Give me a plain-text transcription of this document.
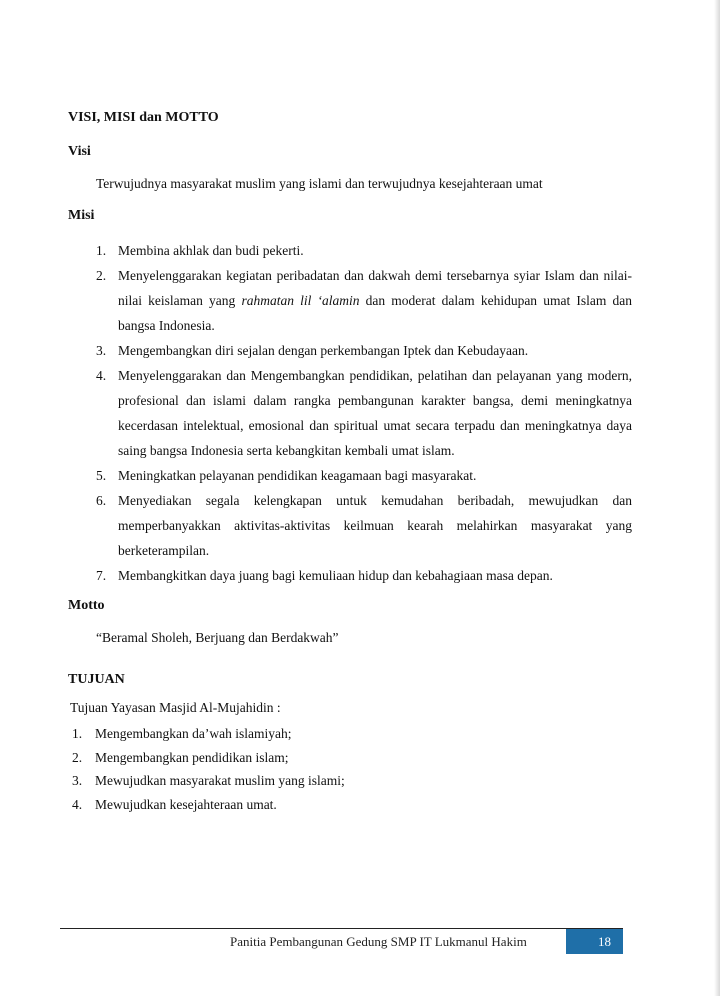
VISI, MISI dan MOTTO
Visi

Terwujudnya masyarakat muslim yang islami dan terwujudnya kesejahteraan umat

Misi
1. Membina akhlak dan budi pekerti.
2. Menyelenggarakan kegiatan peribadatan dan dakwah demi tersebarnya syiar Islam dan nilai-nilai keislaman yang rahmatan lil ‘alamin dan moderat dalam kehidupan umat Islam dan bangsa Indonesia.
3. Mengembangkan diri sejalan dengan perkembangan Iptek dan Kebudayaan.
4. Menyelenggarakan dan Mengembangkan pendidikan, pelatihan dan pelayanan yang modern, profesional dan islami dalam rangka pembangunan karakter bangsa, demi meningkatnya kecerdasan intelektual, emosional dan spiritual umat secara terpadu dan meningkatnya daya saing bangsa Indonesia serta kebangkitan kembali umat islam.
5. Meningkatkan pelayanan pendidikan keagamaan bagi masyarakat.
6. Menyediakan segala kelengkapan untuk kemudahan beribadah, mewujudkan dan memperbanyakkan aktivitas-aktivitas keilmuan kearah melahirkan masyarakat yang berketerampilan.
7. Membangkitkan daya juang bagi kemuliaan hidup dan kebahagiaan masa depan.
Motto

“Beramal Sholeh, Berjuang dan Berdakwah”

TUJUAN

Tujuan Yayasan Masjid Al-Mujahidin :

1. Mengembangkan da’wah islamiyah;
2. Mengembangkan pendidikan islam;
3. Mewujudkan masyarakat muslim yang islami;
4. Mewujudkan kesejahteraan umat.
Panitia Pembangunan Gedung SMP IT Lukmanul Hakim	18
